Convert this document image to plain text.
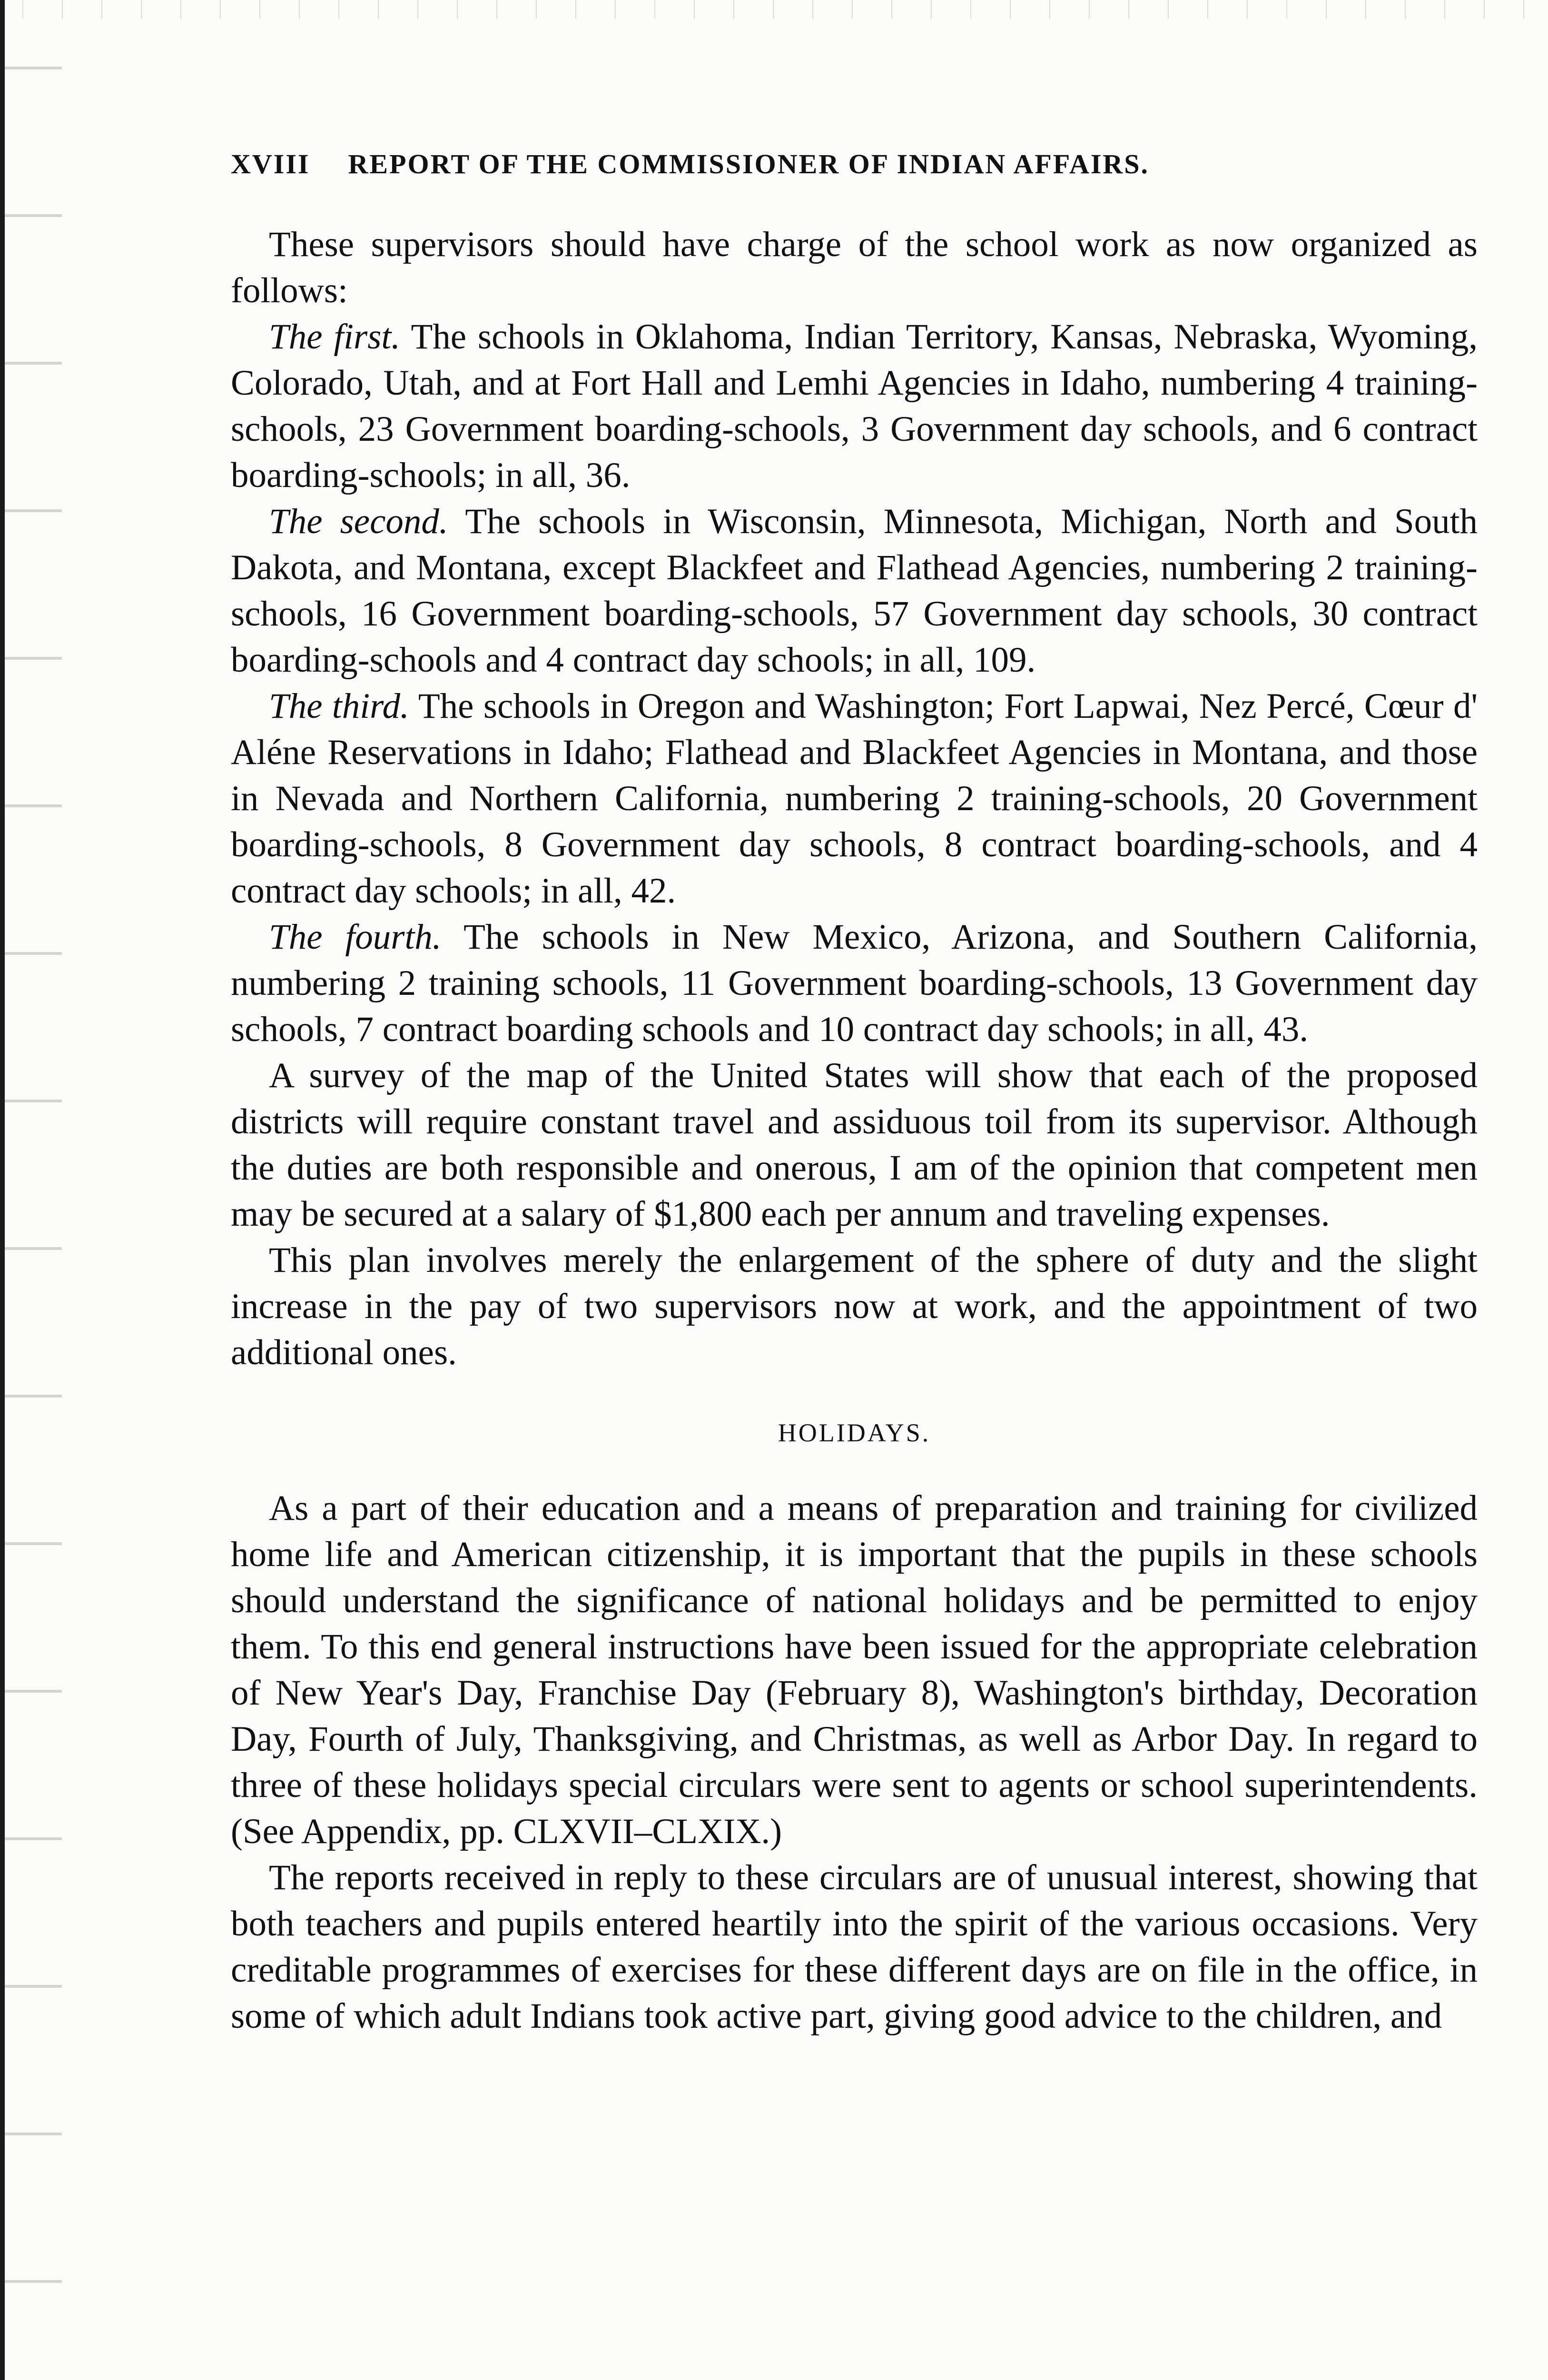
XVIII REPORT OF THE COMMISSIONER OF INDIAN AFFAIRS.

These supervisors should have charge of the school work as now organized as follows:

The first. The schools in Oklahoma, Indian Territory, Kansas, Nebraska, Wyoming, Colorado, Utah, and at Fort Hall and Lemhi Agencies in Idaho, numbering 4 training-schools, 23 Government boarding-schools, 3 Government day schools, and 6 contract boarding-schools; in all, 36.

The second. The schools in Wisconsin, Minnesota, Michigan, North and South Dakota, and Montana, except Blackfeet and Flathead Agencies, numbering 2 training-schools, 16 Government boarding-schools, 57 Government day schools, 30 contract boarding-schools and 4 contract day schools; in all, 109.

The third. The schools in Oregon and Washington; Fort Lapwai, Nez Percé, Cœur d' Aléne Reservations in Idaho; Flathead and Blackfeet Agencies in Montana, and those in Nevada and Northern California, numbering 2 training-schools, 20 Government boarding-schools, 8 Government day schools, 8 contract boarding-schools, and 4 contract day schools; in all, 42.

The fourth. The schools in New Mexico, Arizona, and Southern California, numbering 2 training schools, 11 Government boarding-schools, 13 Government day schools, 7 contract boarding schools and 10 contract day schools; in all, 43.

A survey of the map of the United States will show that each of the proposed districts will require constant travel and assiduous toil from its supervisor. Although the duties are both responsible and onerous, I am of the opinion that competent men may be secured at a salary of $1,800 each per annum and traveling expenses.

This plan involves merely the enlargement of the sphere of duty and the slight increase in the pay of two supervisors now at work, and the appointment of two additional ones.

HOLIDAYS.

As a part of their education and a means of preparation and training for civilized home life and American citizenship, it is important that the pupils in these schools should understand the significance of national holidays and be permitted to enjoy them. To this end general instructions have been issued for the appropriate celebration of New Year's Day, Franchise Day (February 8), Washington's birthday, Decoration Day, Fourth of July, Thanksgiving, and Christmas, as well as Arbor Day. In regard to three of these holidays special circulars were sent to agents or school superintendents. (See Appendix, pp. CLXVII–CLXIX.)

The reports received in reply to these circulars are of unusual interest, showing that both teachers and pupils entered heartily into the spirit of the various occasions. Very creditable programmes of exercises for these different days are on file in the office, in some of which adult Indians took active part, giving good advice to the children, and
